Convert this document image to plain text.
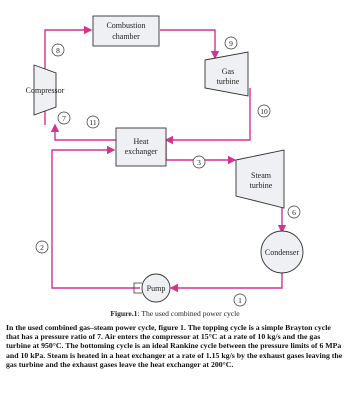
Combustion
chamber
Compressor
Gas
turbine
Heat
exchanger
Steam
turbine
Condenser
Pump
8
9
10
7	11
3
6
2
1
Figure.1: The used combined power cycle

In the used combined gas–steam power cycle, figure 1. The topping cycle is a simple Brayton cycle that has a pressure ratio of 7. Air enters the compressor at 15°C at a rate of 10 kg/s and the gas turbine at 950°C. The bottoming cycle is an ideal Rankine cycle between the pressure limits of 6 MPa and 10 kPa. Steam is heated in a heat exchanger at a rate of 1.15 kg/s by the exhaust gases leaving the gas turbine and the exhaust gases leave the heat exchanger at 200°C.
